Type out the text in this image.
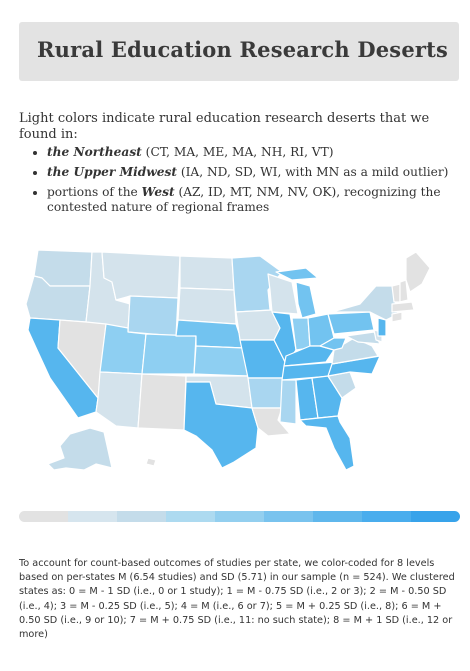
Rural Education Research Deserts
Light colors indicate rural education research deserts that we found in:
• the Northeast (CT, MA, ME, MA, NH, RI, VT)
• the Upper Midwest (IA, ND, SD, WI, with MN as a mild outlier)
• portions of the West (AZ, ID, MT, NM, NV, OK), recognizing the contested nature of regional frames
To account for count-based outcomes of studies per state, we color-coded for 8 levels based on per-states M (6.54 studies) and SD (5.71) in our sample (n = 524). We clustered states as: 0 = M - 1 SD (i.e., 0 or 1 study); 1 = M - 0.75 SD (i.e., 2 or 3); 2 = M - 0.50 SD (i.e., 4); 3 = M - 0.25 SD (i.e., 5); 4 = M (i.e., 6 or 7); 5 = M + 0.25 SD (i.e., 8); 6 = M + 0.50 SD (i.e., 9 or 10); 7 = M + 0.75 SD (i.e., 11: no such state); 8 = M + 1 SD (i.e., 12 or more)
